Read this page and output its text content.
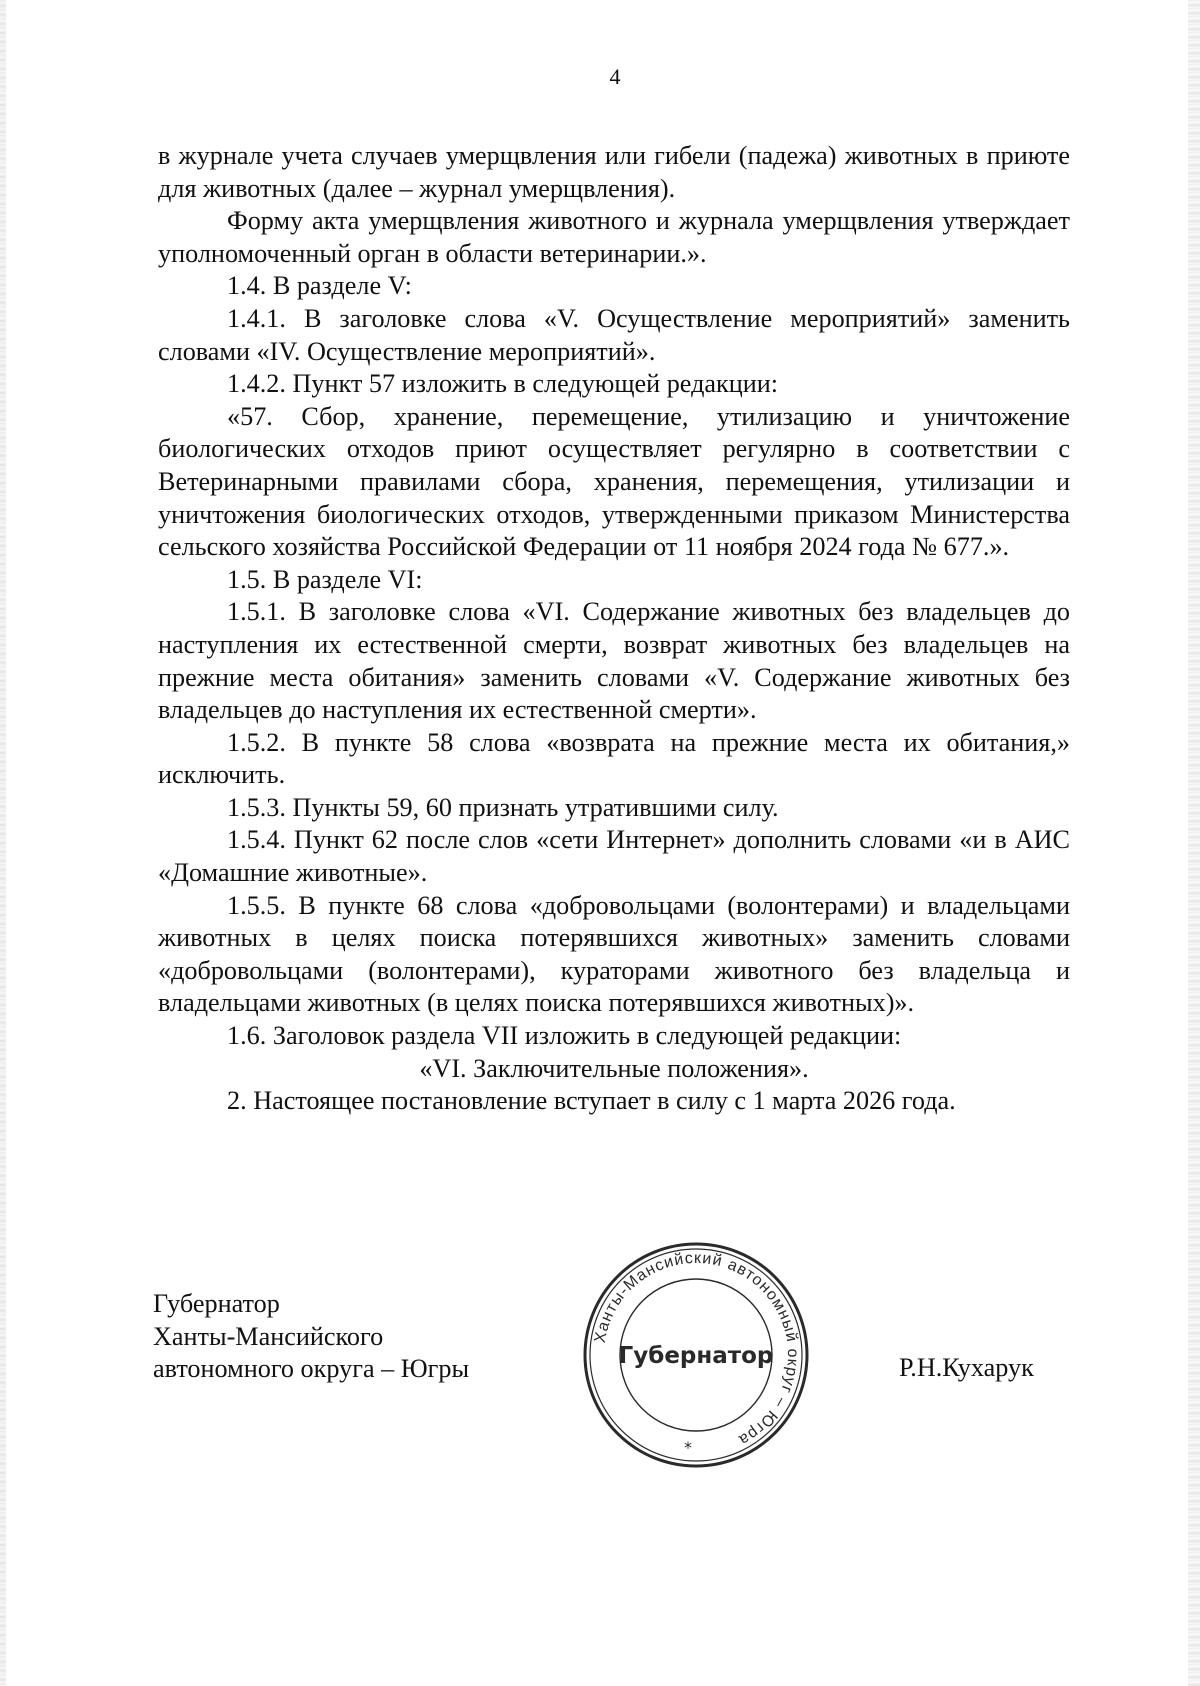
4

в журнале учета случаев умерщвления или гибели (падежа) животных в приюте для животных (далее – журнал умерщвления).

Форму акта умерщвления животного и журнала умерщвления утверждает уполномоченный орган в области ветеринарии.».

1.4. В разделе V:

1.4.1. В заголовке слова «V. Осуществление мероприятий» заменить словами «IV. Осуществление мероприятий».

1.4.2. Пункт 57 изложить в следующей редакции:

«57. Сбор, хранение, перемещение, утилизацию и уничтожение биологических отходов приют осуществляет регулярно в соответствии с Ветеринарными правилами сбора, хранения, перемещения, утилизации и уничтожения биологических отходов, утвержденными приказом Министерства сельского хозяйства Российской Федерации от 11 ноября 2024 года № 677.».

1.5. В разделе VI:

1.5.1. В заголовке слова «VI. Содержание животных без владельцев до наступления их естественной смерти, возврат животных без владельцев на прежние места обитания» заменить словами «V. Содержание животных без владельцев до наступления их естественной смерти».

1.5.2. В пункте 58 слова «возврата на прежние места их обитания,» исключить.

1.5.3. Пункты 59, 60 признать утратившими силу.

1.5.4. Пункт 62 после слов «сети Интернет» дополнить словами «и в АИС «Домашние животные».

1.5.5. В пункте 68 слова «добровольцами (волонтерами) и владельцами животных в целях поиска потерявшихся животных» заменить словами «добровольцами (волонтерами), кураторами животного без владельца и владельцами животных (в целях поиска потерявшихся животных)».

1.6. Заголовок раздела VII изложить в следующей редакции:

«VI. Заключительные положения».

2. Настоящее постановление вступает в силу с 1 марта 2026 года.

Губернатор
Ханты-Мансийского
автономного округа – Югры
Ханты-Мансийский автономный округ – Югра
Губернатор
*
Р.Н.Кухарук
